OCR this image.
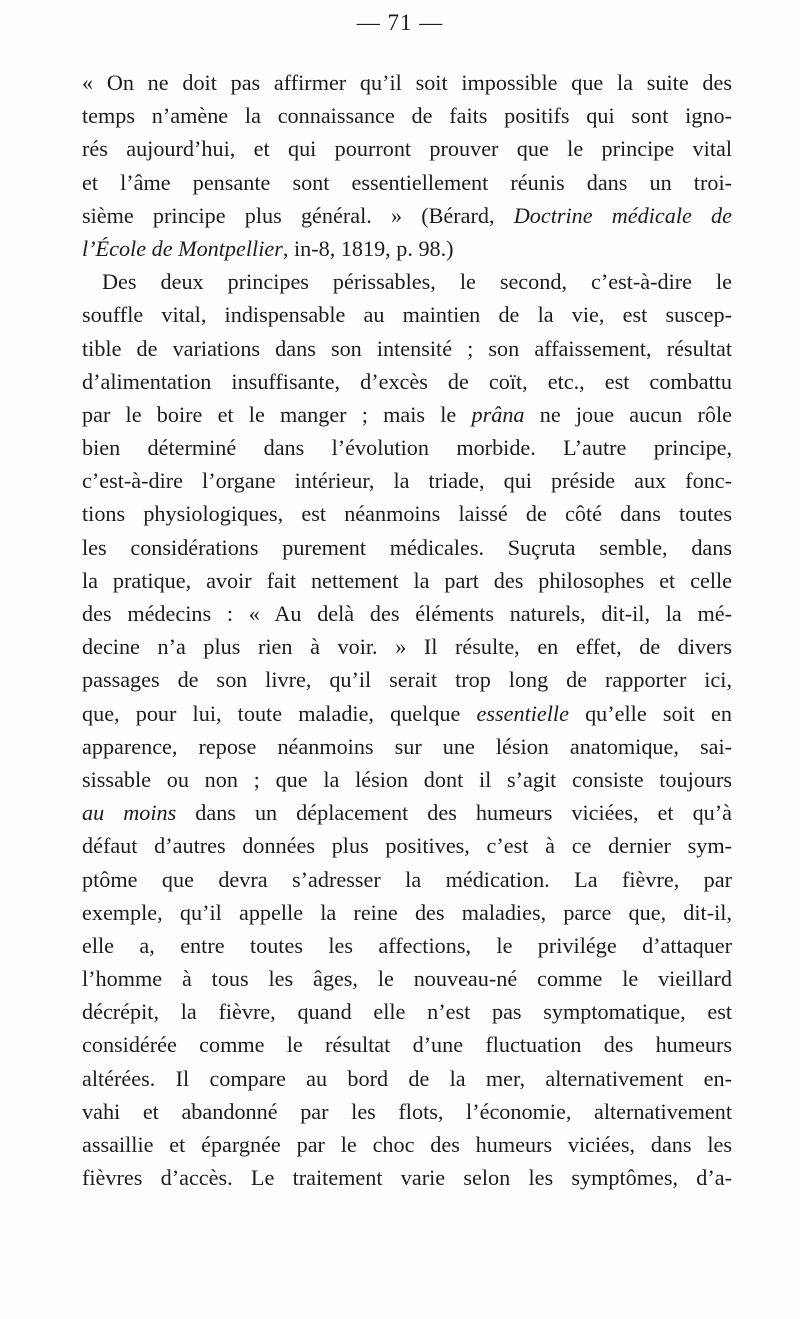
— 71 —
« On ne doit pas affirmer qu’il soit impossible que la suite des
temps n’amène la connaissance de faits positifs qui sont igno-
rés aujourd’hui, et qui pourront prouver que le principe vital
et l’âme pensante sont essentiellement réunis dans un troi-
sième principe plus général. » (Bérard, Doctrine médicale de
l’École de Montpellier, in-8, 1819, p. 98.)
Des deux principes périssables, le second, c’est-à-dire le
souffle vital, indispensable au maintien de la vie, est suscep-
tible de variations dans son intensité ; son affaissement, résultat
d’alimentation insuffisante, d’excès de coït, etc., est combattu
par le boire et le manger ; mais le prâna ne joue aucun rôle
bien déterminé dans l’évolution morbide. L’autre principe,
c’est-à-dire l’organe intérieur, la triade, qui préside aux fonc-
tions physiologiques, est néanmoins laissé de côté dans toutes
les considérations purement médicales. Suçruta semble, dans
la pratique, avoir fait nettement la part des philosophes et celle
des médecins : « Au delà des éléments naturels, dit-il, la mé-
decine n’a plus rien à voir. » Il résulte, en effet, de divers
passages de son livre, qu’il serait trop long de rapporter ici,
que, pour lui, toute maladie, quelque essentielle qu’elle soit en
apparence, repose néanmoins sur une lésion anatomique, sai-
sissable ou non ; que la lésion dont il s’agit consiste toujours
au moins dans un déplacement des humeurs viciées, et qu’à
défaut d’autres données plus positives, c’est à ce dernier sym-
ptôme que devra s’adresser la médication. La fièvre, par
exemple, qu’il appelle la reine des maladies, parce que, dit-il,
elle a, entre toutes les affections, le privilége d’attaquer
l’homme à tous les âges, le nouveau-né comme le vieillard
décrépit, la fièvre, quand elle n’est pas symptomatique, est
considérée comme le résultat d’une fluctuation des humeurs
altérées. Il compare au bord de la mer, alternativement en-
vahi et abandonné par les flots, l’économie, alternativement
assaillie et épargnée par le choc des humeurs viciées, dans les
fièvres d’accès. Le traitement varie selon les symptômes, d’a-
